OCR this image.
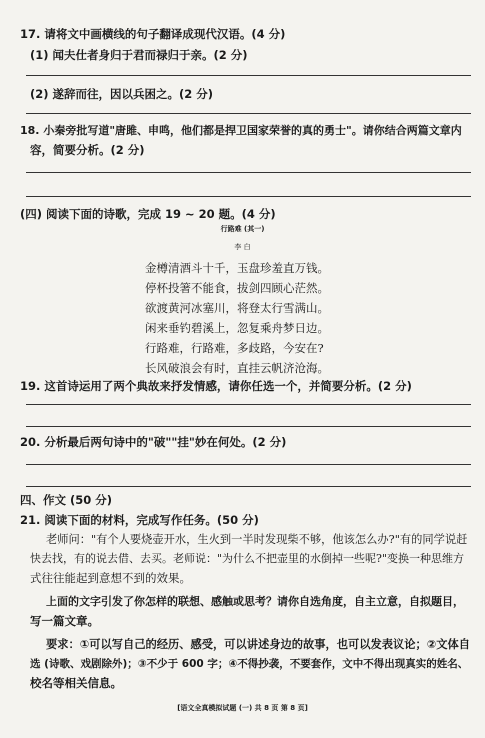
17. 请将文中画横线的句子翻译成现代汉语。(4 分)
(1) 闻夫仕者身归于君而禄归于亲。(2 分)
(2) 遂辞而往，因以兵困之。(2 分)
18. 小秦旁批写道"唐雎、申鸣，他们都是捍卫国家荣誉的真的勇士"。请你结合两篇文章内
容，简要分析。(2 分)
(四) 阅读下面的诗歌，完成 19 ~ 20 题。(4 分)
行路难 (其一)
李 白
金樽清酒斗十千，玉盘珍羞直万钱。
停杯投箸不能食，拔剑四顾心茫然。
欲渡黄河冰塞川，将登太行雪满山。
闲来垂钓碧溪上，忽复乘舟梦日边。
行路难，行路难，多歧路，今安在?
长风破浪会有时，直挂云帆济沧海。
19. 这首诗运用了两个典故来抒发情感，请你任选一个，并简要分析。(2 分)
20. 分析最后两句诗中的"破""挂"妙在何处。(2 分)
四、作文 (50 分)
21. 阅读下面的材料，完成写作任务。(50 分)
老师问："有个人要烧壶开水，生火到一半时发现柴不够，他该怎么办?"有的同学说赶
快去找，有的说去借、去买。老师说："为什么不把壶里的水倒掉一些呢?"变换一种思维方
式往往能起到意想不到的效果。
上面的文字引发了你怎样的联想、感触或思考？请你自选角度，自主立意，自拟题目，
写一篇文章。
要求：①可以写自己的经历、感受，可以讲述身边的故事，也可以发表议论；②文体自
选 (诗歌、戏剧除外)；③不少于 600 字；④不得抄袭，不要套作，文中不得出现真实的姓名、
校名等相关信息。
[语文全真模拟试题 (一) 共 8 页 第 8 页]
